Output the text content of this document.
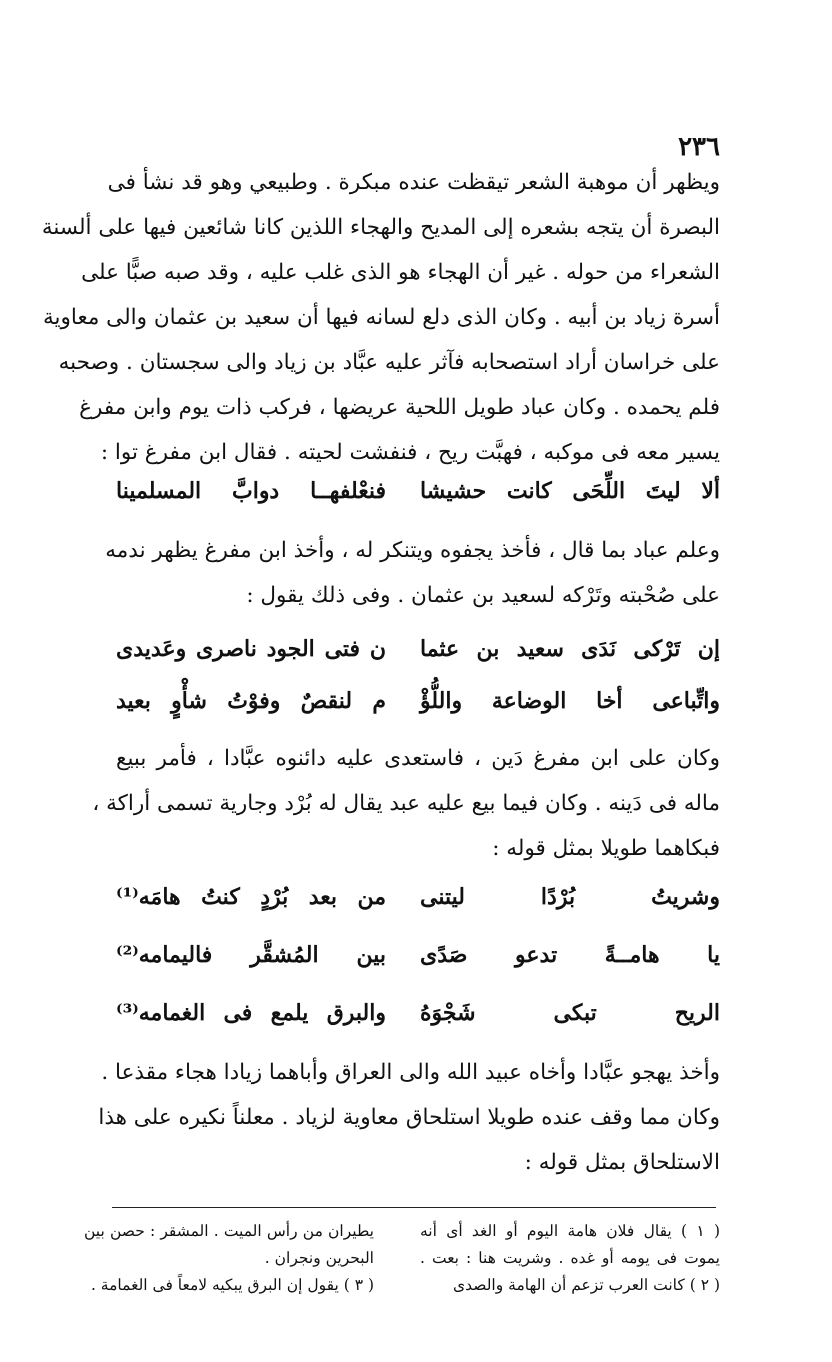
٢٣٦
ويظهر أن موهبة الشعر تيقظت عنده مبكرة . وطبيعي وهو قد نشأ فى
البصرة أن يتجه بشعره إلى المديح والهجاء اللذين كانا شائعين فيها على ألسنة
الشعراء من حوله . غير أن الهجاء هو الذى غلب عليه ، وقد صبه صبًّا على
أسرة زياد بن أبيه . وكان الذى دلع لسانه فيها أن سعيد بن عثمان والى معاوية
على خراسان أراد استصحابه فآثر عليه عبَّاد بن زياد والى سجستان . وصحبه
فلم يحمده . وكان عباد طويل اللحية عريضها ، فركب ذات يوم وابن مفرغ
يسير معه فى موكبه ، فهبَّت ريح ، فنفشت لحيته . فقال ابن مفرغ توا :
ألا ليتَ اللِّحَى كانت حشيشا
فنعْلفهــا دوابَّ المسلمينا
وعلم عباد بما قال ، فأخذ يجفوه ويتنكر له ، وأخذ ابن مفرغ يظهر ندمه
على صُحْبته وتَرْكه لسعيد بن عثمان . وفى ذلك يقول :
إن تَرْكى نَدَى سعيد بن عثما
ن فتى الجود ناصرى وعَديدى
واتِّباعى أخا الوضاعة واللُّؤْ
م لنقصٌ وفوْتُ شأْوٍ بعيد
وكان على ابن مفرغ دَين ، فاستعدى عليه دائنوه عبَّادا ، فأمر ببيع
ماله فى دَينه . وكان فيما بيع عليه عبد يقال له بُرْد وجارية تسمى أراكة ،
فبكاهما طويلا بمثل قوله :
وشريتُ بُرْدًا ليتنى
من بعد بُرْدٍ كنتُ هامَه⁽¹⁾
يا هامــةً تدعو صَدًى
بين المُشقَّر فاليمامه⁽²⁾
الريح تبكى شَجْوَهُ
والبرق يلمع فى الغمامه⁽³⁾
وأخذ يهجو عبَّادا وأخاه عبيد الله والى العراق وأباهما زيادا هجاء مقذعا .
وكان مما وقف عنده طويلا استلحاق معاوية لزياد . معلناً نكيره على هذا
الاستلحاق بمثل قوله :
( ١ ) يقال فلان هامة اليوم أو الغد أى أنه
يموت فى يومه أو غده . وشريت هنا : بعت .
( ٢ ) كانت العرب تزعم أن الهامة والصدى
يطيران من رأس الميت . المشقر : حصن بين
البحرين ونجران .
( ٣ ) يقول إن البرق يبكيه لامعاً فى الغمامة .
